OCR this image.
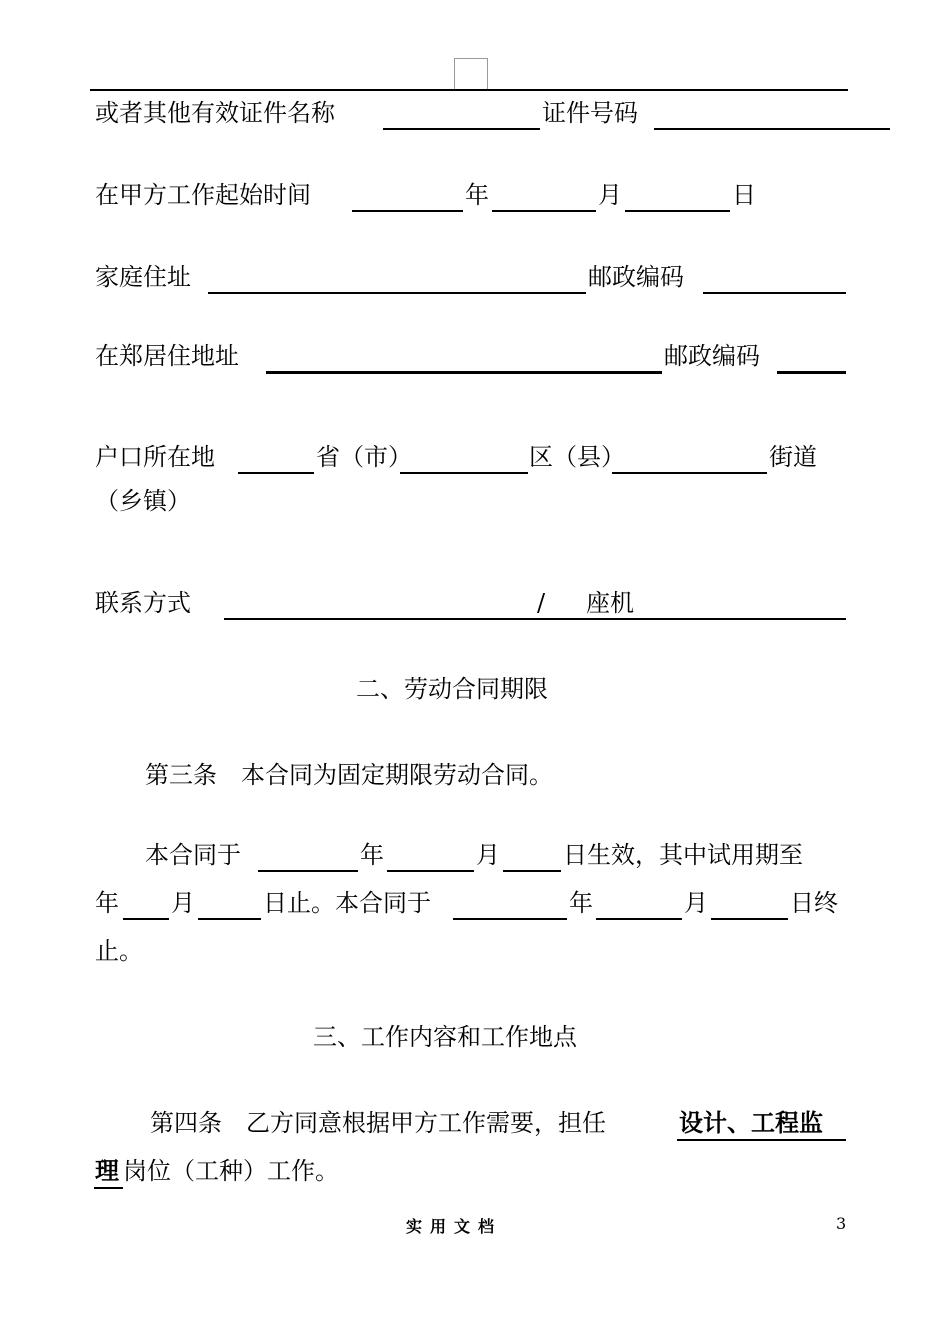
或者其他有效证件名称	证件号码
在甲方工作起始时间	年	月	日
家庭住址	邮政编码
在郑居住地址	邮政编码
户口所在地	省（市）	区（县）	街道
（乡镇）
联系方式	/ 座机
二、劳动合同期限
第三条　本合同为固定期限劳动合同。
本合同于	年	月	日生效，其中试用期至
年 月	日止。本合同于	年	月	日终
止。
三、工作内容和工作地点
第四条　乙方同意根据甲方工作需要，担任	设计、工程监
理 岗位（工种）工作。
实用文档	3
